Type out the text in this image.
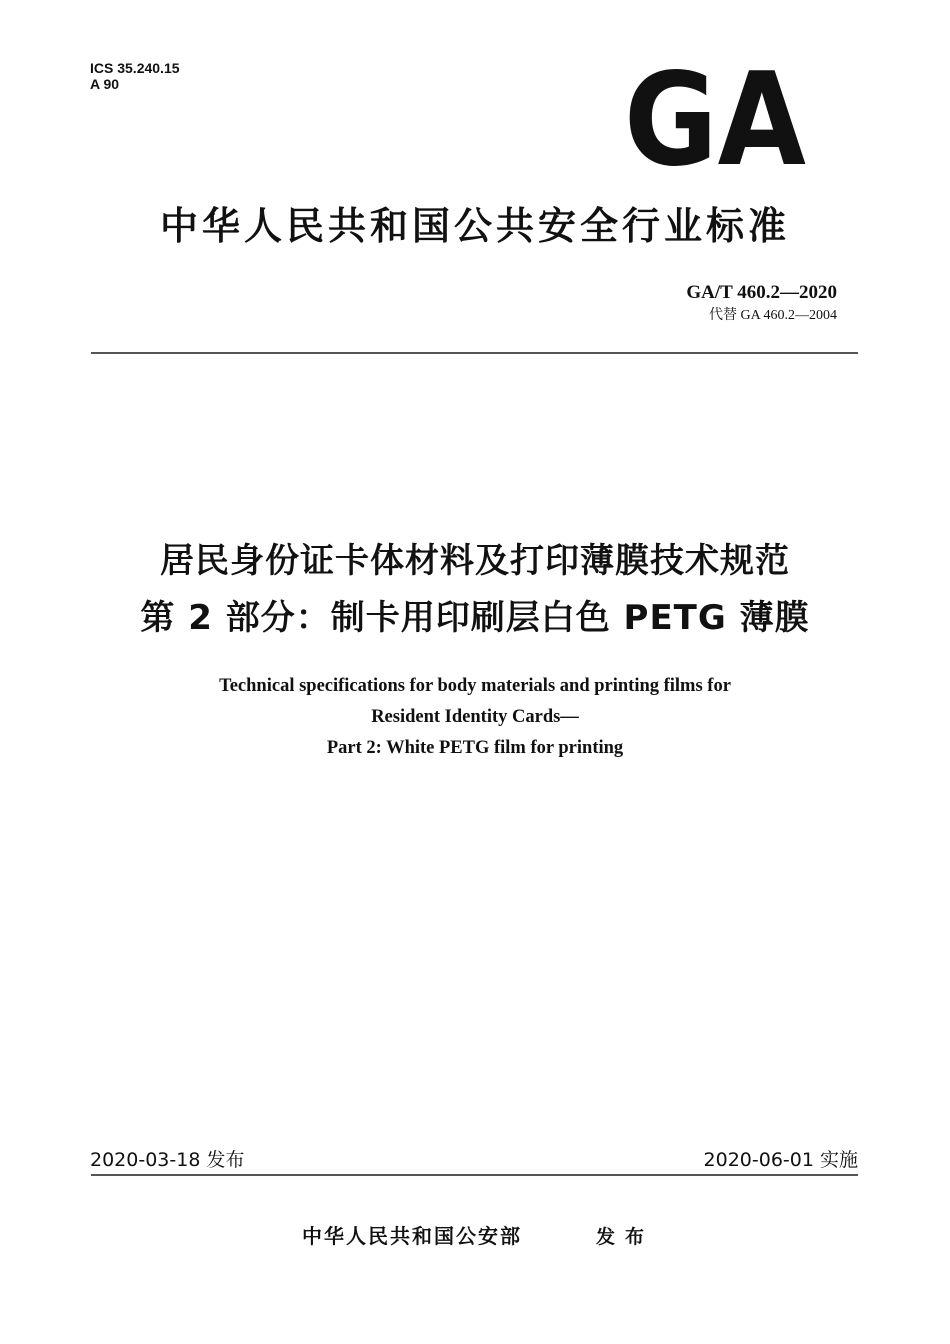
ICS 35.240.15
A 90	GA
中华人民共和国公共安全行业标准
GA/T 460.2—2020
代替 GA 460.2—2004
居民身份证卡体材料及打印薄膜技术规范
第 2 部分：制卡用印刷层白色 PETG 薄膜
Technical specifications for body materials and printing films for
Resident Identity Cards—
Part 2: White PETG film for printing
2020-03-18 发布	2020-06-01 实施
中华人民共和国公安部	发布
